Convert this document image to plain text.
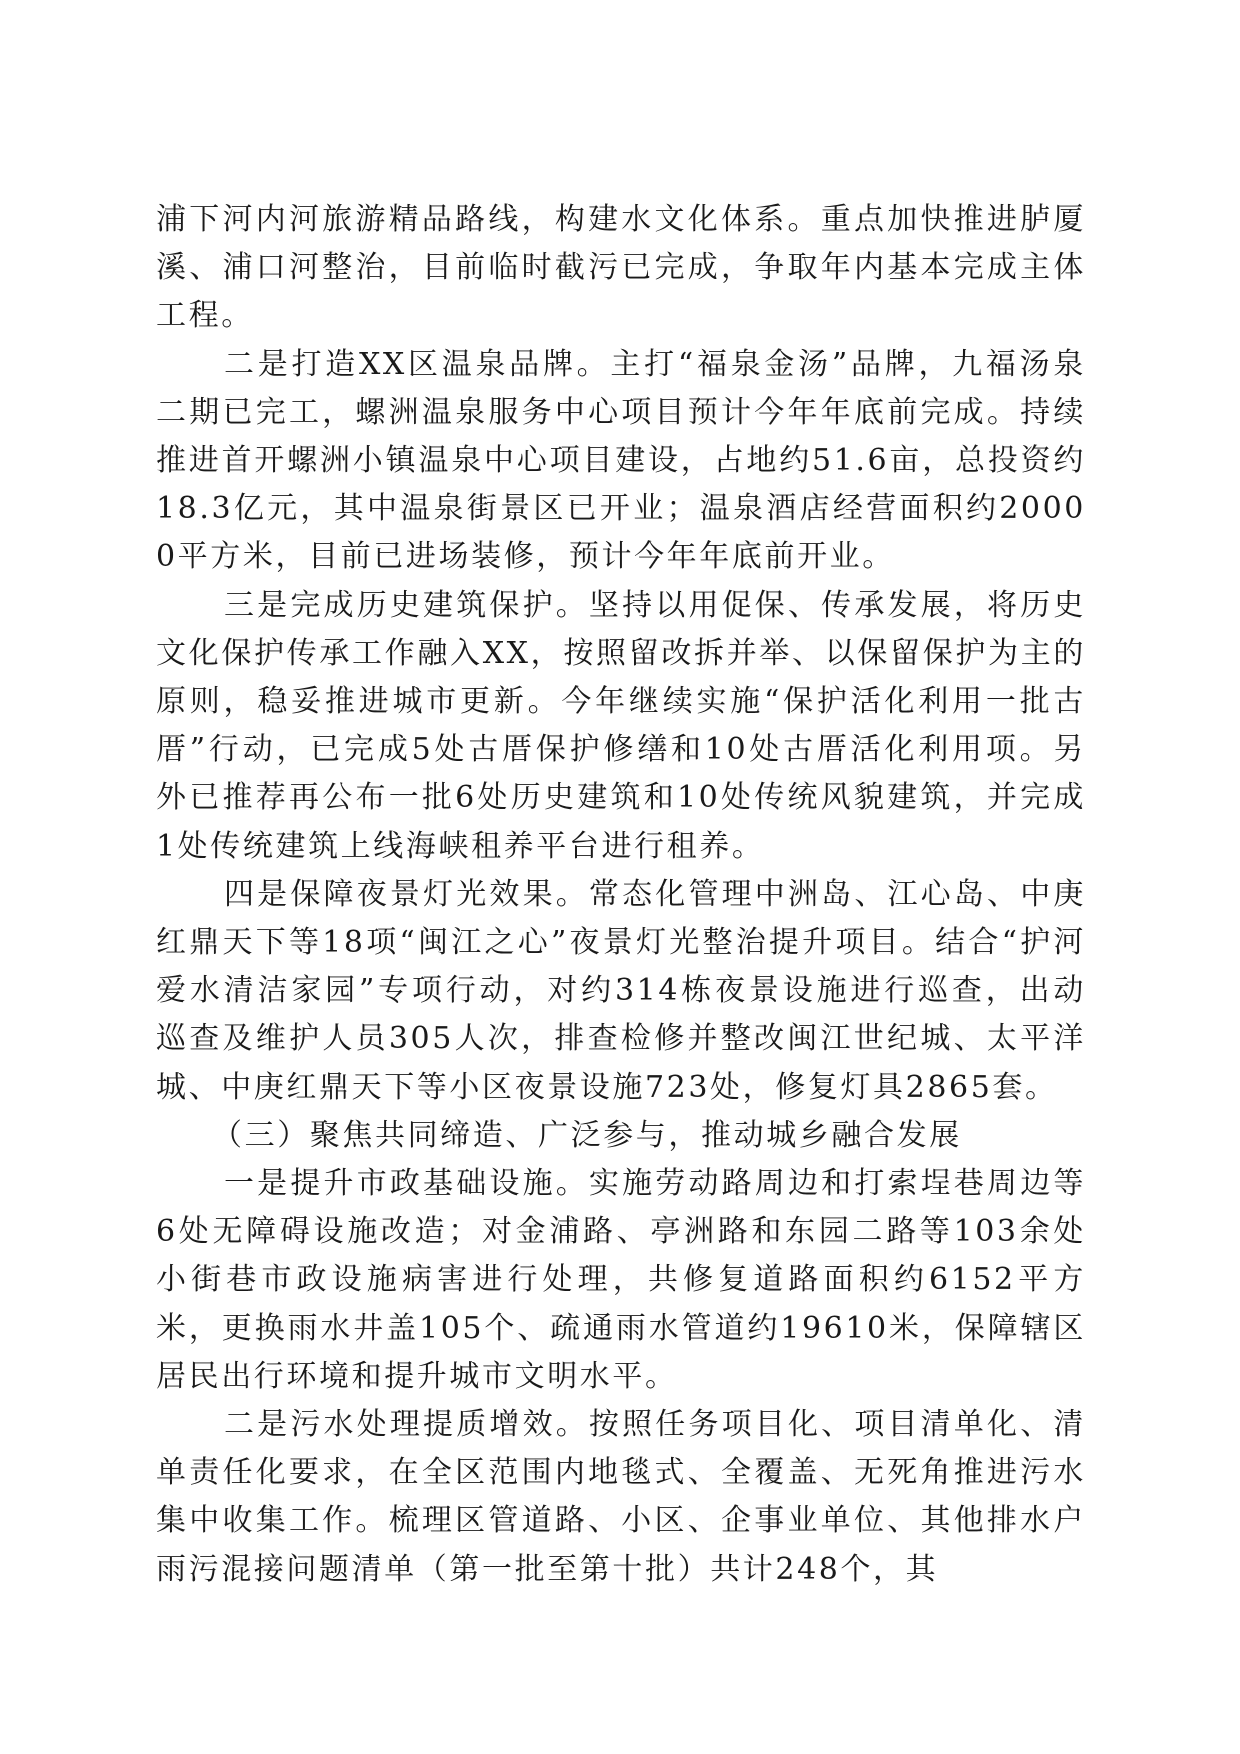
浦下河内河旅游精品路线，构建水文化体系。重点加快推进胪厦溪、浦口河整治，目前临时截污已完成，争取年内基本完成主体工程。

二是打造XX区温泉品牌。主打“福泉金汤”品牌，九福汤泉二期已完工，螺洲温泉服务中心项目预计今年年底前完成。持续推进首开螺洲小镇温泉中心项目建设，占地约51.6亩，总投资约18.3亿元，其中温泉街景区已开业；温泉酒店经营面积约20000平方米，目前已进场装修，预计今年年底前开业。

三是完成历史建筑保护。坚持以用促保、传承发展，将历史文化保护传承工作融入XX，按照留改拆并举、以保留保护为主的原则，稳妥推进城市更新。今年继续实施“保护活化利用一批古厝”行动，已完成5处古厝保护修缮和10处古厝活化利用项。另外已推荐再公布一批6处历史建筑和10处传统风貌建筑，并完成1处传统建筑上线海峡租养平台进行租养。

四是保障夜景灯光效果。常态化管理中洲岛、江心岛、中庚红鼎天下等18项“闽江之心”夜景灯光整治提升项目。结合“护河爱水清洁家园”专项行动，对约314栋夜景设施进行巡查，出动巡查及维护人员305人次，排查检修并整改闽江世纪城、太平洋城、中庚红鼎天下等小区夜景设施723处，修复灯具2865套。

（三）聚焦共同缔造、广泛参与，推动城乡融合发展

一是提升市政基础设施。实施劳动路周边和打索埕巷周边等6处无障碍设施改造；对金浦路、亭洲路和东园二路等103余处小街巷市政设施病害进行处理，共修复道路面积约6152平方米，更换雨水井盖105个、疏通雨水管道约19610米，保障辖区居民出行环境和提升城市文明水平。

二是污水处理提质增效。按照任务项目化、项目清单化、清单责任化要求，在全区范围内地毯式、全覆盖、无死角推进污水集中收集工作。梳理区管道路、小区、企事业单位、其他排水户雨污混接问题清单（第一批至第十批）共计248个，其
